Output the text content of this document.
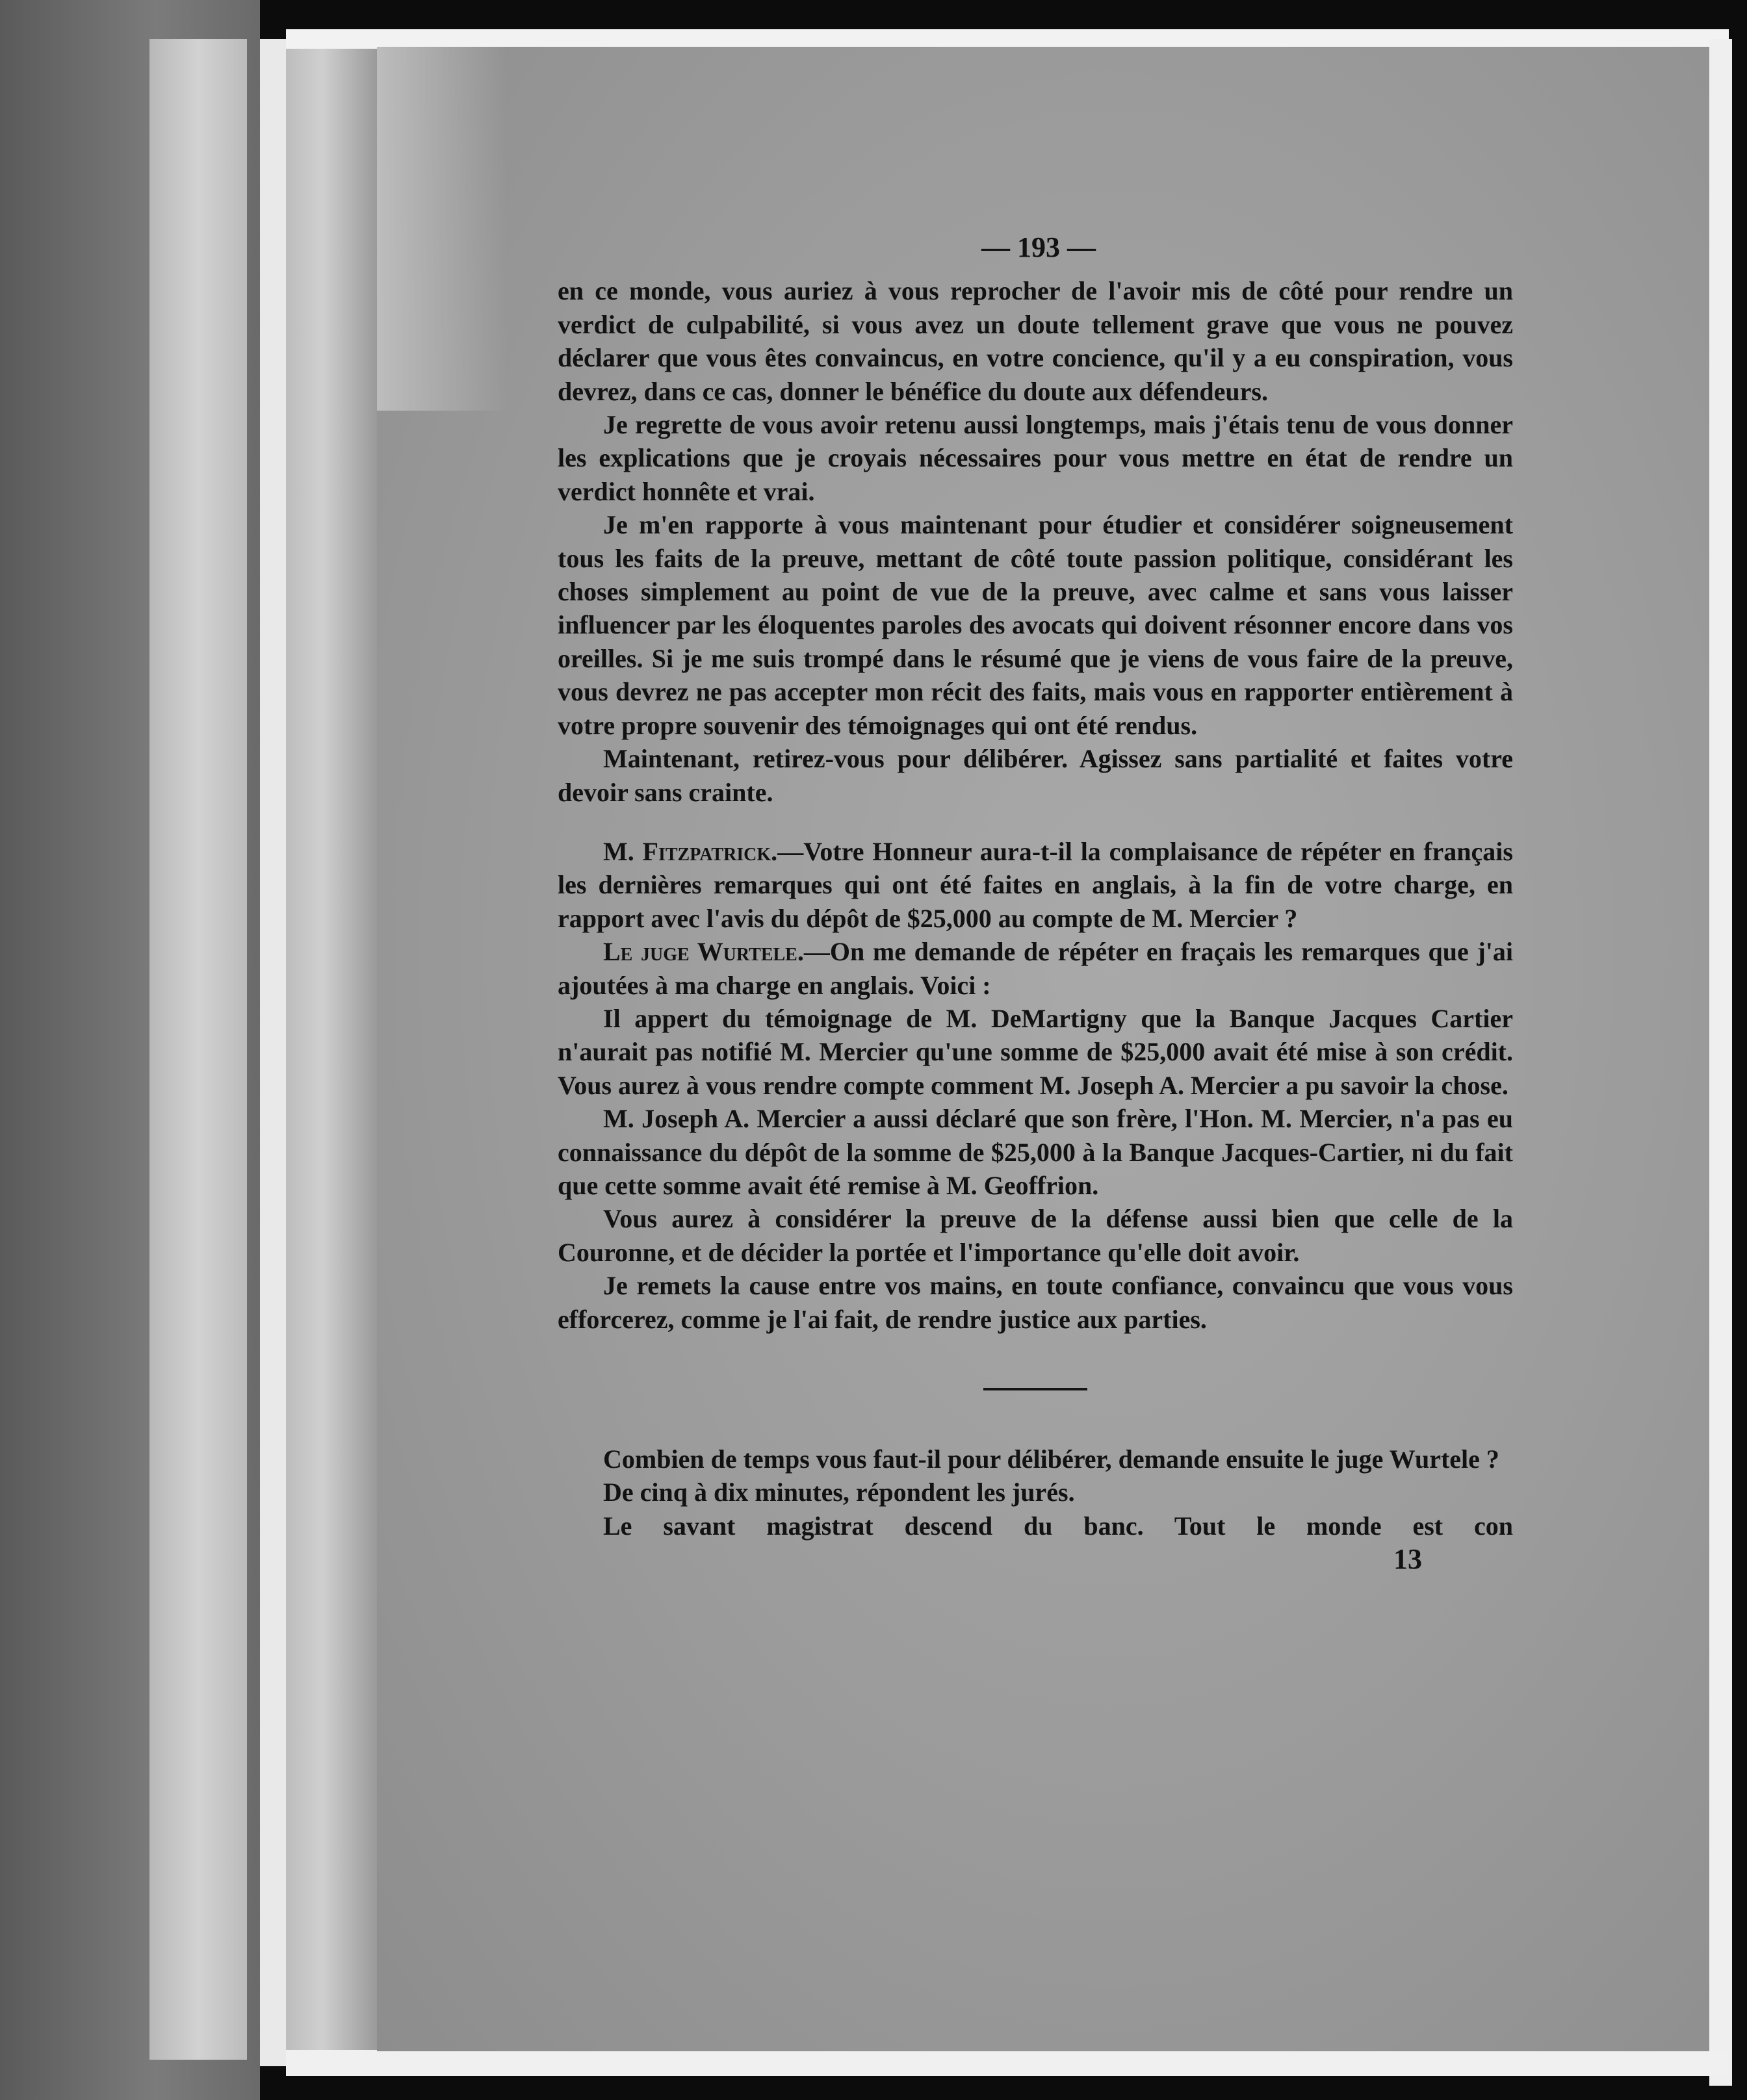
— 193 —

en ce monde, vous auriez à vous reprocher de l'avoir mis de côté pour rendre un verdict de culpabilité, si vous avez un doute tellement grave que vous ne pouvez déclarer que vous êtes convaincus, en votre concience, qu'il y a eu conspiration, vous devrez, dans ce cas, donner le bénéfice du doute aux défendeurs.

Je regrette de vous avoir retenu aussi longtemps, mais j'étais tenu de vous donner les explications que je croyais nécessaires pour vous mettre en état de rendre un verdict honnête et vrai.

Je m'en rapporte à vous maintenant pour étudier et considérer soigneusement tous les faits de la preuve, mettant de côté toute passion politique, considérant les choses simplement au point de vue de la preuve, avec calme et sans vous laisser influencer par les éloquentes paroles des avocats qui doivent résonner encore dans vos oreilles. Si je me suis trompé dans le résumé que je viens de vous faire de la preuve, vous devrez ne pas accepter mon récit des faits, mais vous en rapporter entièrement à votre propre souvenir des témoignages qui ont été rendus.

Maintenant, retirez-vous pour délibérer. Agissez sans partialité et faites votre devoir sans crainte.

M. Fitzpatrick.—Votre Honneur aura-t-il la complaisance de répéter en français les dernières remarques qui ont été faites en anglais, à la fin de votre charge, en rapport avec l'avis du dépôt de $25,000 au compte de M. Mercier ?

Le juge Wurtele.—On me demande de répéter en fraçais les remarques que j'ai ajoutées à ma charge en anglais. Voici :

Il appert du témoignage de M. DeMartigny que la Banque Jacques Cartier n'aurait pas notifié M. Mercier qu'une somme de $25,000 avait été mise à son crédit. Vous aurez à vous rendre compte comment M. Joseph A. Mercier a pu savoir la chose.

M. Joseph A. Mercier a aussi déclaré que son frère, l'Hon. M. Mercier, n'a pas eu connaissance du dépôt de la somme de $25,000 à la Banque Jacques-Cartier, ni du fait que cette somme avait été remise à M. Geoffrion.

Vous aurez à considérer la preuve de la défense aussi bien que celle de la Couronne, et de décider la portée et l'importance qu'elle doit avoir.

Je remets la cause entre vos mains, en toute confiance, convaincu que vous vous efforcerez, comme je l'ai fait, de rendre justice aux parties.

Combien de temps vous faut-il pour délibérer, demande ensuite le juge Wurtele ?

De cinq à dix minutes, répondent les jurés.

Le savant magistrat descend du banc. Tout le monde est con

13
